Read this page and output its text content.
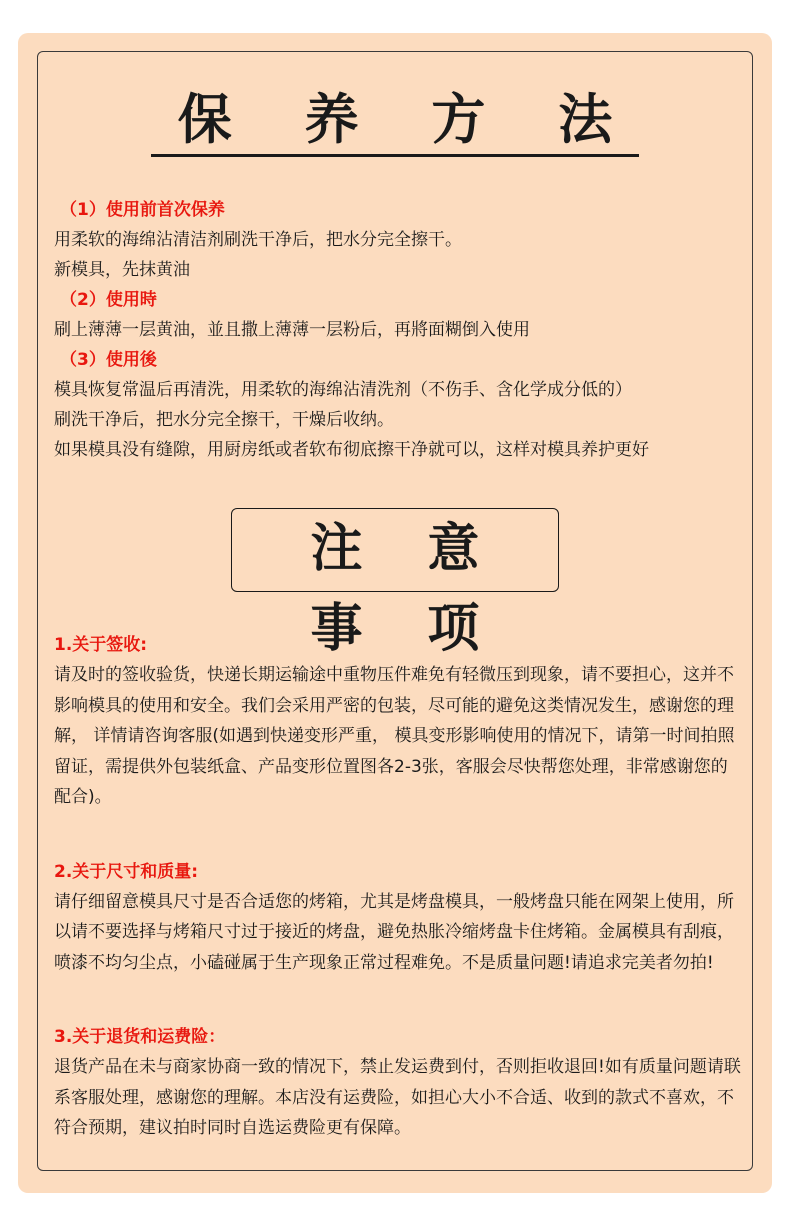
保 养 方 法
（1）使用前首次保养
用柔软的海绵沾清洁剂刷洗干净后，把水分完全擦干。
新模具，先抹黄油
（2）使用時
刷上薄薄一层黄油，並且撒上薄薄一层粉后，再將面糊倒入使用
（3）使用後
模具恢复常温后再清洗，用柔软的海绵沾清洗剂（不伤手、含化学成分低的）
刷洗干净后，把水分完全擦干，干燥后收纳。
如果模具没有缝隙，用厨房纸或者软布彻底擦干净就可以，这样对模具养护更好
注 意 事 项
1.关于签收:
请及时的签收验货，快递长期运输途中重物压件难免有轻微压到现象，请不要担心，这并不影响模具的使用和安全。我们会采用严密的包装，尽可能的避免这类情况发生，感谢您的理解， 详情请咨询客服(如遇到快递变形严重， 模具变形影响使用的情况下，请第一时间拍照留证，需提供外包装纸盒、产品变形位置图各2-3张，客服会尽快帮您处理，非常感谢您的配合)。
2.关于尺寸和质量:
请仔细留意模具尺寸是否合适您的烤箱，尤其是烤盘模具，一般烤盘只能在网架上使用，所以请不要选择与烤箱尺寸过于接近的烤盘，避免热胀冷缩烤盘卡住烤箱。金属模具有刮痕，喷漆不均匀尘点，小磕碰属于生产现象正常过程难免。不是质量问题!请追求完美者勿拍!
3.关于退货和运费险：
退货产品在未与商家协商一致的情况下，禁止发运费到付，否则拒收退回!如有质量问题请联系客服处理，感谢您的理解。本店没有运费险，如担心大小不合适、收到的款式不喜欢，不符合预期，建议拍时同时自选运费险更有保障。
